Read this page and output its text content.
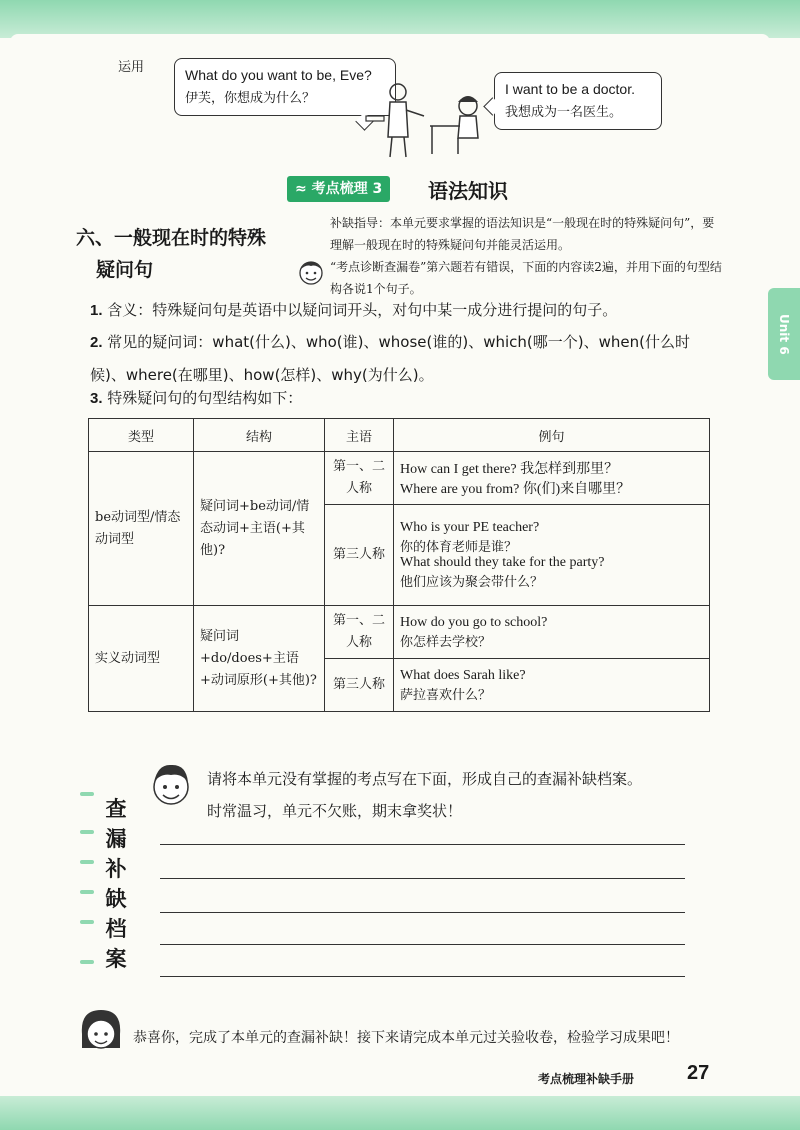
Unit 6
运用	What do you want to be, Eve?
伊芙，你想成为什么？
I want to be a doctor.
我想成为一名医生。
≈ 考点梳理 3	语法知识
六、一般现在时的特殊
疑问句
补缺指导：本单元要求掌握的语法知识是“一般现在时的特殊疑问句”，要理解一般现在时的特殊疑问句并能灵活运用。
“考点诊断查漏卷”第六题若有错误，下面的内容读2遍，并用下面的句型结构各说1个句子。
1. 含义：特殊疑问句是英语中以疑问词开头，对句中某一成分进行提问的句子。
2. 常见的疑问词：what(什么)、who(谁)、whose(谁的)、which(哪一个)、when(什么时候)、where(在哪里)、how(怎样)、why(为什么)。
3. 特殊疑问句的句型结构如下：
类型	结构	主语	例句
be动词型/情态动词型	疑问词+be动词/情态动词+主语(+其他)?	第一、二人称	How can I get there? 我怎样到那里？
Where are you from? 你(们)来自哪里？

		第三人称	Who is your PE teacher?
你的体育老师是谁？
What should they take for the party?
他们应该为聚会带什么？

实义动词型	疑问词+do/does+主语+动词原形(+其他)?	第一、二人称	How do you go to school?
你怎样去学校？

		第三人称	What does Sarah like?
萨拉喜欢什么？
查
漏
补
缺
档
案
请将本单元没有掌握的考点写在下面，形成自己的查漏补缺档案。
时常温习，单元不欠账，期末拿奖状！
恭喜你，完成了本单元的查漏补缺！接下来请完成本单元过关验收卷，检验学习成果吧！
考点梳理补缺手册	27
